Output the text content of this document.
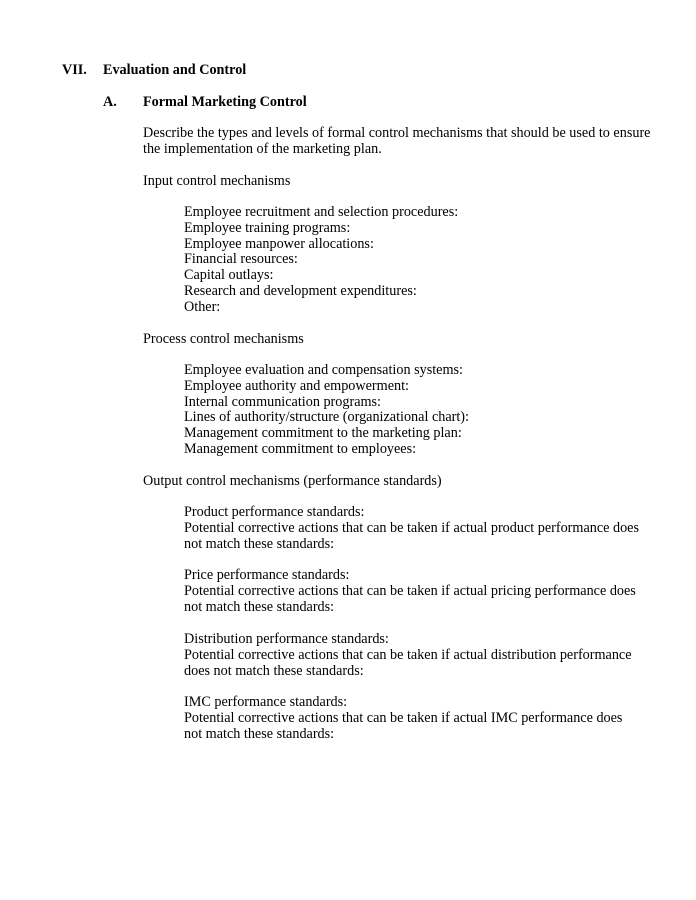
VII. Evaluation and Control
A. Formal Marketing Control
Describe the types and levels of formal control mechanisms that should be used to ensure
the implementation of the marketing plan.
Input control mechanisms
Employee recruitment and selection procedures:
Employee training programs:
Employee manpower allocations:
Financial resources:
Capital outlays:
Research and development expenditures:
Other:
Process control mechanisms
Employee evaluation and compensation systems:
Employee authority and empowerment:
Internal communication programs:
Lines of authority/structure (organizational chart):
Management commitment to the marketing plan:
Management commitment to employees:
Output control mechanisms (performance standards)
Product performance standards:
Potential corrective actions that can be taken if actual product performance does
not match these standards:
Price performance standards:
Potential corrective actions that can be taken if actual pricing performance does
not match these standards:
Distribution performance standards:
Potential corrective actions that can be taken if actual distribution performance
does not match these standards:
IMC performance standards:
Potential corrective actions that can be taken if actual IMC performance does
not match these standards:
